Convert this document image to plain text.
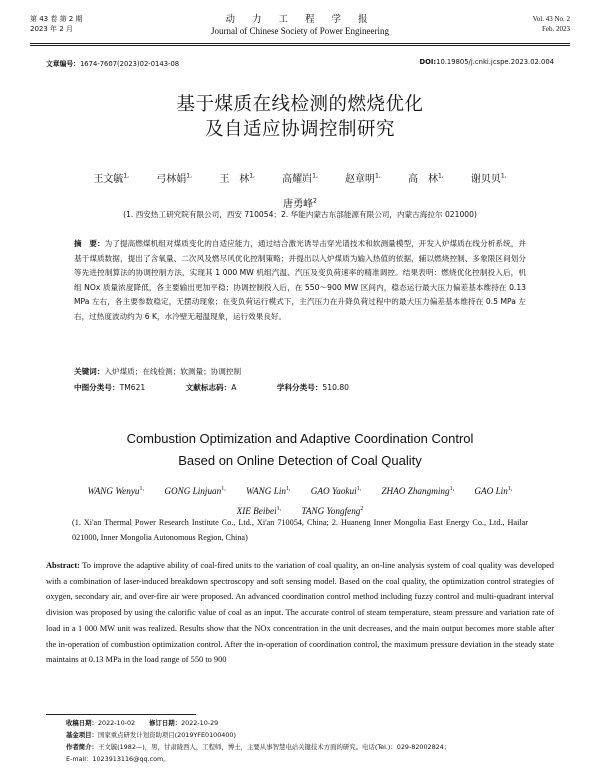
第 43 卷 第 2 期
2023 年 2 月
动 力 工 程 学 报
Journal of Chinese Society of Power Engineering
Vol. 43 No. 2
Feb. 2023
文章编号：1674-7607(2023)02-0143-08	DOI:10.19805/j.cnki.jcspe.2023.02.004
基于煤质在线检测的燃烧优化
及自适应协调控制研究
王文毓$^{1,}$	弓林娟$^{1,}$	王　林$^{1,}$	高耀岿$^{1,}$	赵章明$^{1,}$	高　林$^{1,}$	谢贝贝$^{1,}$ 唐勇峰$^2$
(1. 西安热工研究院有限公司，西安 710054；2. 华能内蒙古东部能源有限公司，内蒙古海拉尔 021000)
摘　要：为了提高燃煤机组对煤质变化的自适应能力，通过结合激光诱导击穿光谱技术和软测量模型，开发入炉煤质在线分析系统，并基于煤质数据，提出了含氧量、二次风及燃尽风优化控制策略；并提出以入炉煤质为输入热值的依据，辅以燃烧控制、多象限区间划分等先进控制算法的协调控制方法，实现其 1 000 MW 机组汽温、汽压及变负荷速率的精准调控。结果表明：燃烧优化控制投入后，机组 NOx 质量浓度降低，各主要输出更加平稳；协调控制投入后，在 550～900 MW 区间内，稳态运行最大压力偏差基本维持在 0.13 MPa 左右，各主要参数稳定，无摆动现象；在变负荷运行模式下，主汽压力在升降负荷过程中的最大压力偏差基本维持在 0.5 MPa 左右，过热度波动约为 6 K，水冷壁无超温现象，运行效果良好。
关键词：入炉煤质；在线检测；软测量；协调控制
中图分类号：TM621	文献标志码：A	学科分类号：510.80
Combustion Optimization and Adaptive Coordination Control
Based on Online Detection of Coal Quality
WANG Wenyu$^{1,}$ GONG Linjuan$^{1,}$ WANG Lin$^{1,}$ GAO Yaokui$^{1,}$ ZHAO Zhangming$^{1,}$ GAO Lin$^{1,}$ XIE Beibei$^{1,}$ TANG Yongfeng$^2$
(1. Xi'an Thermal Power Research Institute Co., Ltd., Xi'an 710054, China; 2. Huaneng Inner Mongolia East Energy Co., Ltd., Hailar 021000, Inner Mongolia Autonomous Region, China)
Abstract: To improve the adaptive ability of coal-fired units to the variation of coal quality, an on-line analysis system of coal quality was developed with a combination of laser-induced breakdown spectroscopy and soft sensing model. Based on the coal quality, the optimization control strategies of oxygen, secondary air, and over-fire air were proposed. An advanced coordination control method including fuzzy control and multi-quadrant interval division was proposed by using the calorific value of coal as an input. The accurate control of steam temperature, steam pressure and variation rate of load in a 1 000 MW unit was realized. Results show that the NOx concentration in the unit decreases, and the main output becomes more stable after the in-operation of combustion optimization control. After the in-operation of coordination control, the maximum pressure deviation in the steady state maintains at 0.13 MPa in the load range of 550 to 900
收稿日期：2022-10-02 修订日期：2022-10-29
基金项目：国家重点研发计划资助项目(2019YFE0100400)
作者简介：王文毓(1982—)，男，甘肃陇西人，工程师，博士，主要从事智慧电站关键技术方面的研究。电话(Tel.)：029-82002824；
E-mail：1023913116@qq.com。
